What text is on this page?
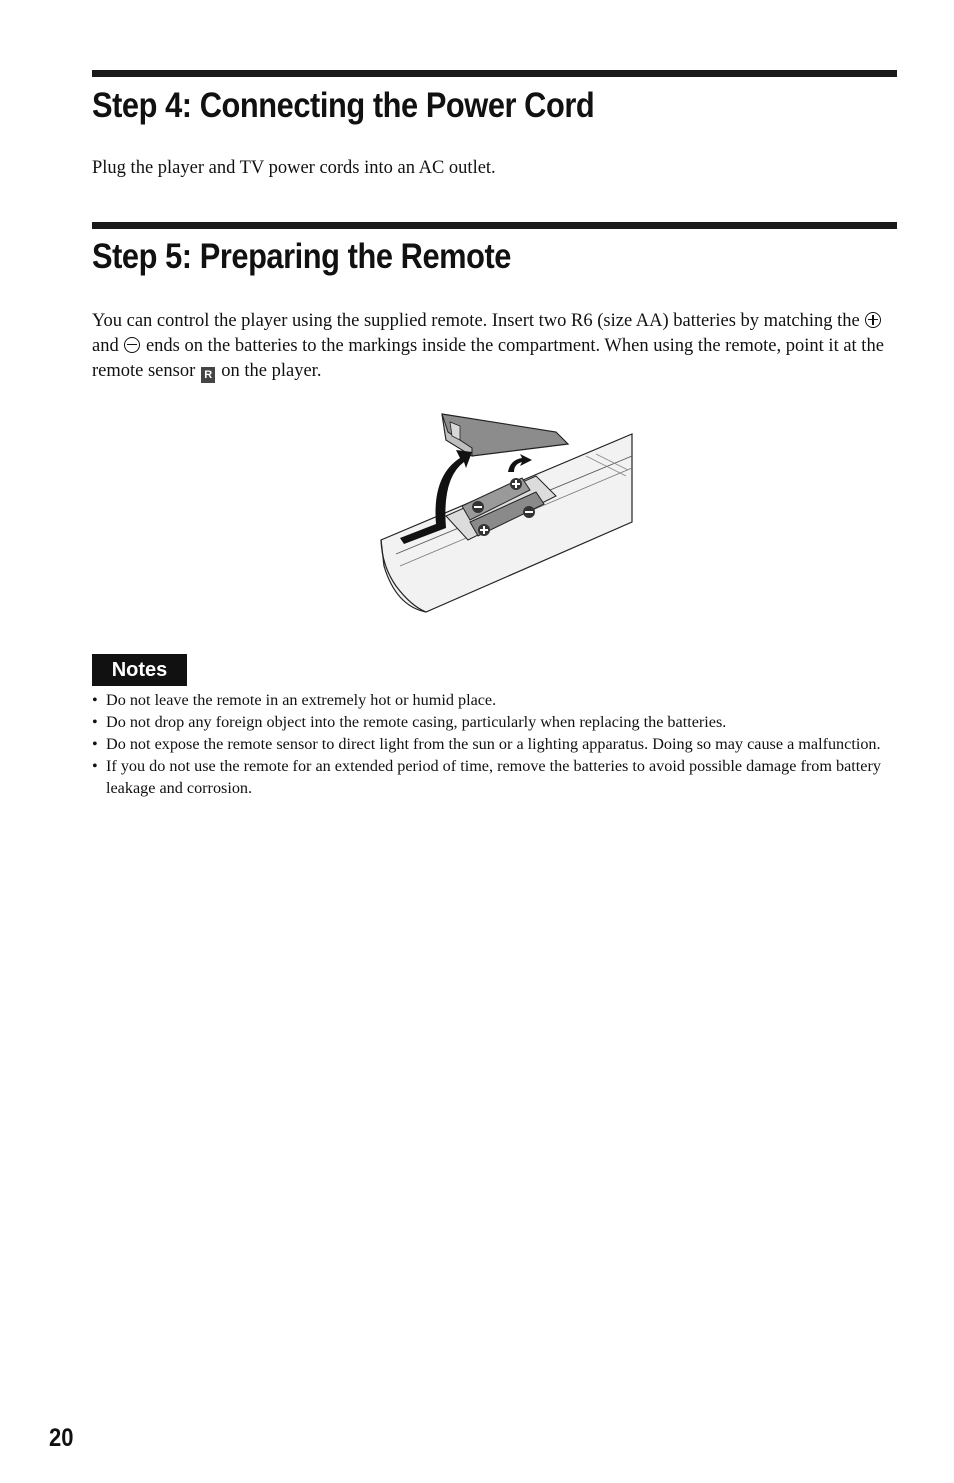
Step 4: Connecting the Power Cord

Plug the player and TV power cords into an AC outlet.

Step 5: Preparing the Remote

You can control the player using the supplied remote. Insert two R6 (size AA) batteries by matching the  and ends on the batteries to the markings inside the compartment. When using the remote, point it at the remote sensor R on the player.

Notes
• Do not leave the remote in an extremely hot or humid place.
• Do not drop any foreign object into the remote casing, particularly when replacing the batteries.
• Do not expose the remote sensor to direct light from the sun or a lighting apparatus. Doing so may cause a malfunction.
• If you do not use the remote for an extended period of time, remove the batteries to avoid possible damage from battery leakage and corrosion.
20
